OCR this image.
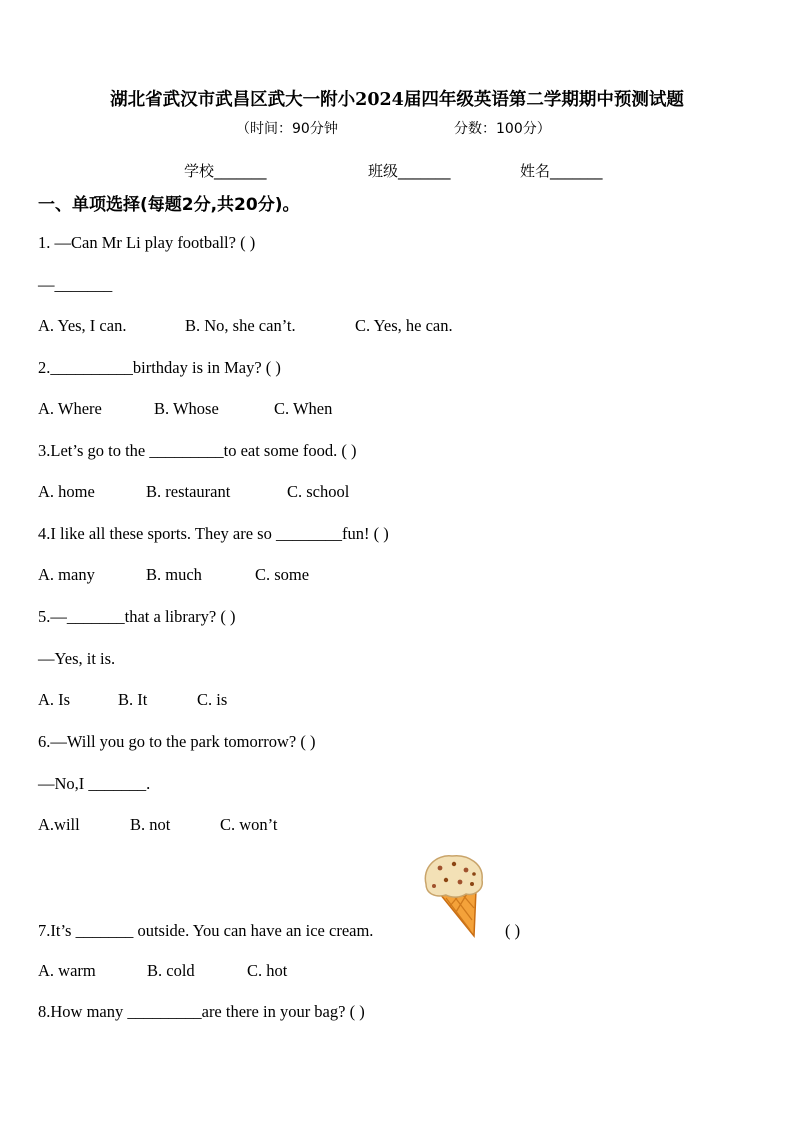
湖北省武汉市武昌区武大一附小2024届四年级英语第二学期期中预测试题
（时间：90分钟	分数：100分）
学校_______	班级_______	姓名_______
一、单项选择(每题2分,共20分)。
1. —Can Mr Li play football? ( )
—_______
A. Yes, I can.	B. No, she can’t.	C. Yes, he can.
2.__________birthday is in May? ( )
A. Where	B. Whose	C. When
3.Let’s go to the _________to eat some food. ( )
A. home	B. restaurant	C. school
4.I like all these sports. They are so ________fun! ( )
A. many	B. much	C. some
5.—_______that a library? ( )
—Yes, it is.
A. Is	B. It	C. is
6.—Will you go to the park tomorrow? ( )
—No,I _______.
A.will	B. not	C. won’t
7.It’s _______ outside. You can have an ice cream.	( )
A. warm	B. cold	C. hot
8.How many _________are there in your bag? ( )
